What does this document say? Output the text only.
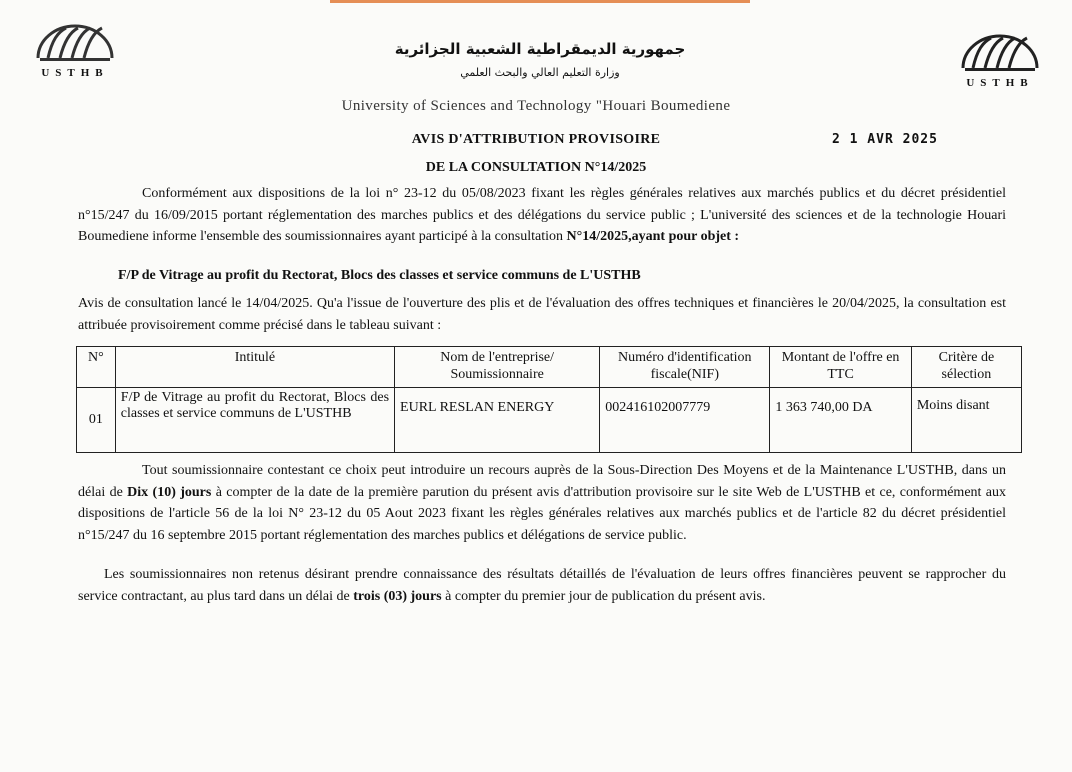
USTHB
USTHB
جمهورية الديمقراطية الشعبية الجزائرية
وزارة التعليم العالي والبحث العلمي
University of Sciences and Technology "Houari Boumediene
AVIS D'ATTRIBUTION PROVISOIRE	2 1 AVR 2025
DE LA CONSULTATION N°14/2025
Conformément aux dispositions de la loi n° 23-12 du 05/08/2023 fixant les règles générales relatives aux marchés publics et du décret présidentiel n°15/247 du 16/09/2015 portant réglementation des marches publics et des délégations du service public ; L'université des sciences et de la technologie Houari Boumediene informe l'ensemble des soumissionnaires ayant participé à la consultation N°14/2025,ayant pour objet :
F/P de Vitrage au profit du Rectorat, Blocs des classes et service communs de L'USTHB
Avis de consultation lancé le 14/04/2025. Qu'a l'issue de l'ouverture des plis et de l'évaluation des offres techniques et financières le 20/04/2025, la consultation est attribuée provisoirement comme précisé dans le tableau suivant :
N°	Intitulé	Nom de l'entreprise/ Soumissionnaire	Numéro d'identification fiscale(NIF)	Montant de l'offre en TTC	Critère de sélection
01	F/P de Vitrage au profit du Rectorat, Blocs des classes et service communs de L'USTHB	EURL RESLAN ENERGY	002416102007779	1 363 740,00 DA	Moins disant
Tout soumissionnaire contestant ce choix peut introduire un recours auprès de la Sous-Direction Des Moyens et de la Maintenance L'USTHB, dans un délai de Dix (10) jours à compter de la date de la première parution du présent avis d'attribution provisoire sur le site Web de L'USTHB et ce, conformément aux dispositions de l'article 56 de la loi N° 23-12 du 05 Aout 2023 fixant les règles générales relatives aux marchés publics et de l'article 82 du décret présidentiel n°15/247 du 16 septembre 2015 portant réglementation des marches publics et délégations de service public.
Les soumissionnaires non retenus désirant prendre connaissance des résultats détaillés de l'évaluation de leurs offres financières peuvent se rapprocher du service contractant, au plus tard dans un délai de trois (03) jours à compter du premier jour de publication du présent avis.
